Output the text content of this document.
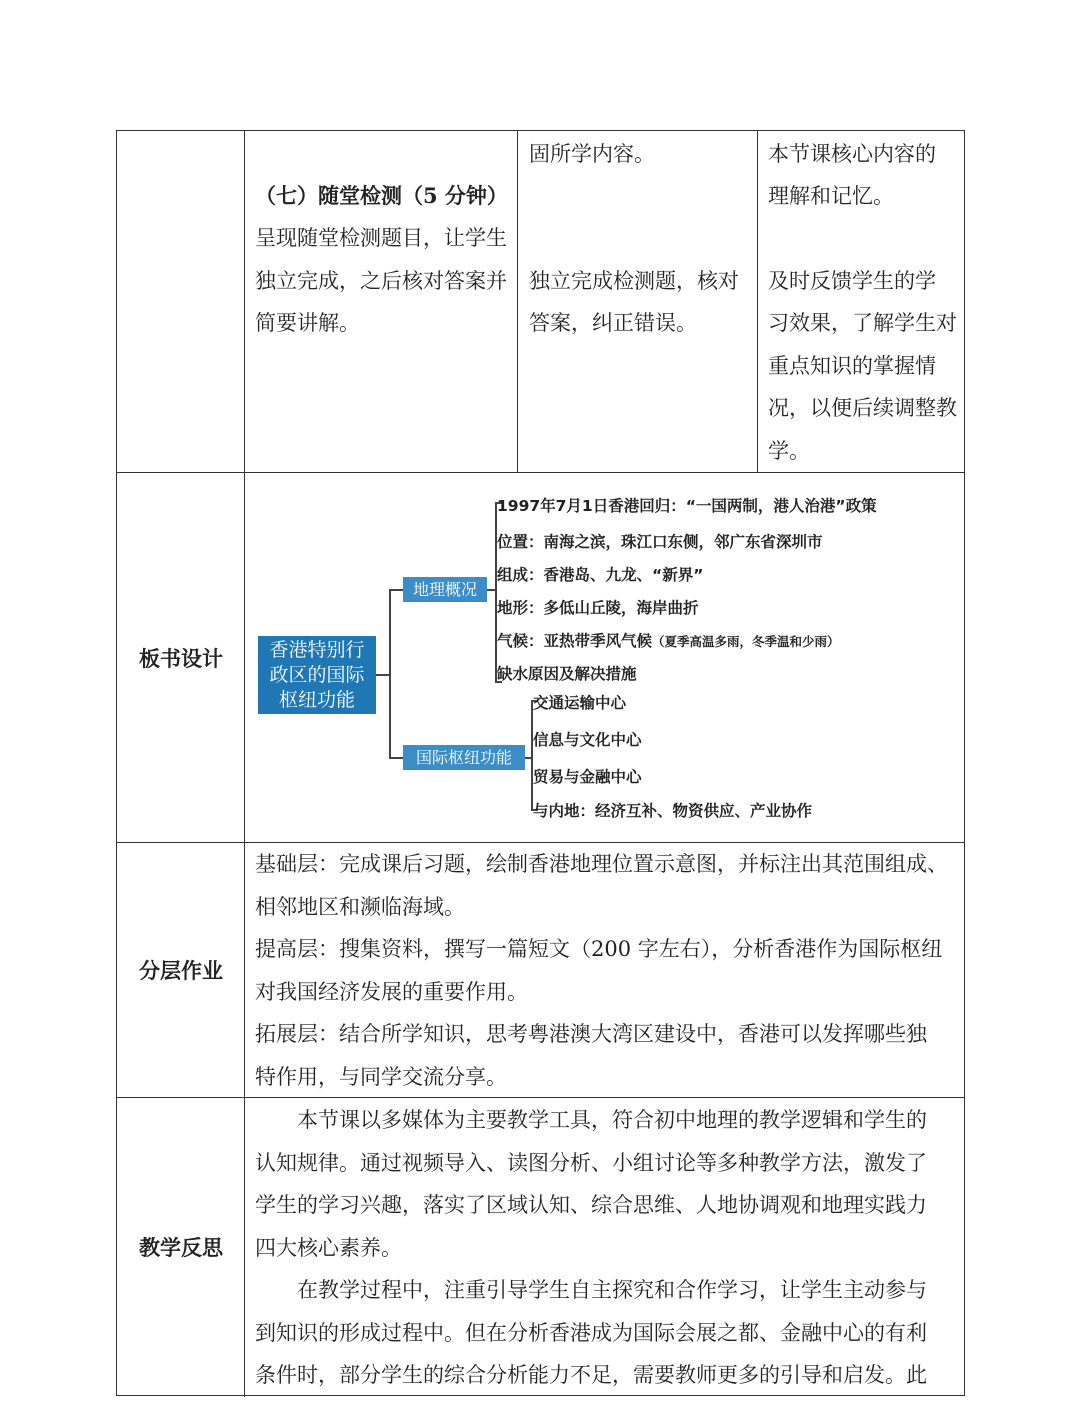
（七）随堂检测（5 分钟）
呈现随堂检测题目，让学生
独立完成，之后核对答案并
简要讲解。
固所学内容。
独立完成检测题，核对
答案，纠正错误。
本节课核心内容的
理解和记忆。
及时反馈学生的学
习效果，了解学生对
重点知识的掌握情
况，以便后续调整教
学。
板书设计	香港特别行
政区的国际
枢纽功能
地理概况
国际枢纽功能
1997年7月1日香港回归：“一国两制，港人治港”政策
位置：南海之滨，珠江口东侧，邻广东省深圳市
组成：香港岛、九龙、“新界”
地形：多低山丘陵，海岸曲折
气候：亚热带季风气候（夏季高温多雨，冬季温和少雨）
缺水原因及解决措施
交通运输中心
信息与文化中心
贸易与金融中心
与内地：经济互补、物资供应、产业协作
分层作业

基础层：完成课后习题，绘制香港地理位置示意图，并标注出其范围组成、

相邻地区和濒临海域。

提高层：搜集资料，撰写一篇短文（200 字左右），分析香港作为国际枢纽

对我国经济发展的重要作用。

拓展层：结合所学知识，思考粤港澳大湾区建设中，香港可以发挥哪些独

特作用，与同学交流分享。

教学反思

本节课以多媒体为主要教学工具，符合初中地理的教学逻辑和学生的

认知规律。通过视频导入、读图分析、小组讨论等多种教学方法，激发了

学生的学习兴趣，落实了区域认知、综合思维、人地协调观和地理实践力

四大核心素养。

在教学过程中，注重引导学生自主探究和合作学习，让学生主动参与

到知识的形成过程中。但在分析香港成为国际会展之都、金融中心的有利

条件时，部分学生的综合分析能力不足，需要教师更多的引导和启发。此
